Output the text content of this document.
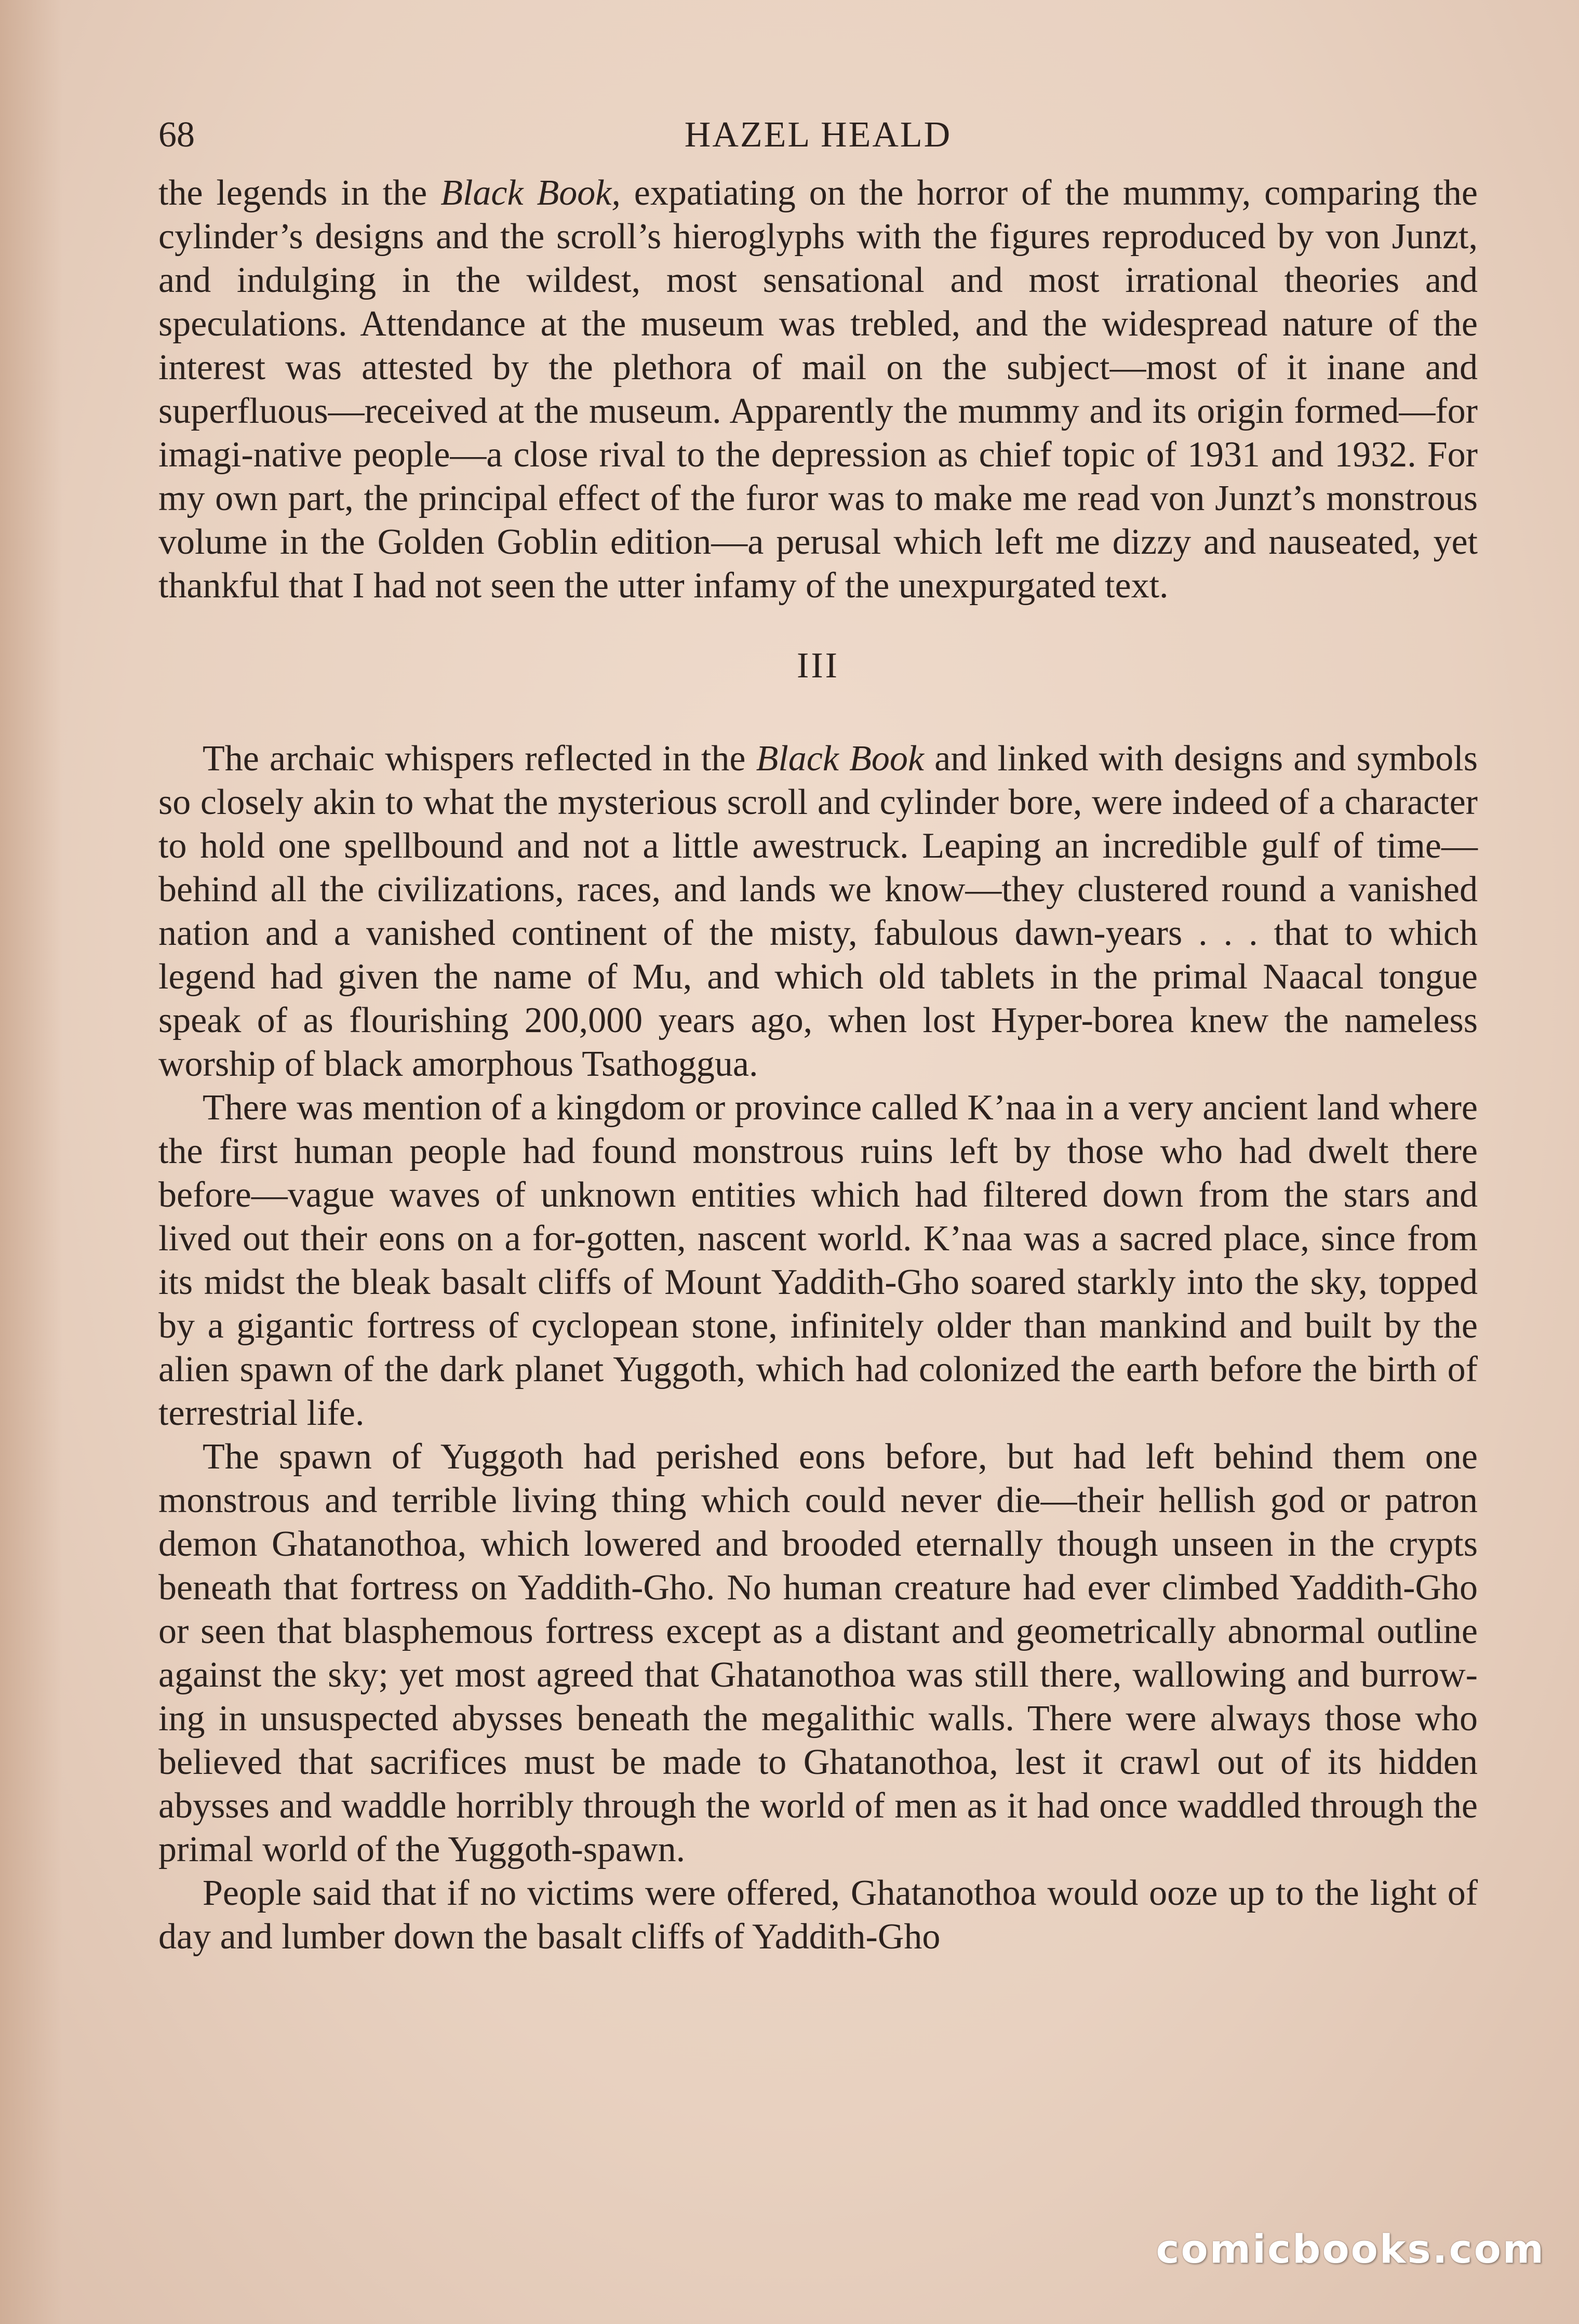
68	HAZEL HEALD

the legends in the Black Book, expatiating on the horror of the mummy, comparing the cylinder’s designs and the scroll’s hieroglyphs with the figures reproduced by von Junzt, and indulging in the wildest, most sensational and most irrational theories and speculations. Attendance at the museum was trebled, and the widespread nature of the interest was attested by the plethora of mail on the subject—most of it inane and superfluous—received at the museum. Apparently the mummy and its origin formed—for imagi-native people—a close rival to the depression as chief topic of 1931 and 1932. For my own part, the principal effect of the furor was to make me read von Junzt’s monstrous volume in the Golden Goblin edition—a perusal which left me dizzy and nauseated, yet thankful that I had not seen the utter infamy of the unexpurgated text.

III

The archaic whispers reflected in the Black Book and linked with designs and symbols so closely akin to what the mysterious scroll and cylinder bore, were indeed of a character to hold one spellbound and not a little awestruck. Leaping an incredible gulf of time—behind all the civilizations, races, and lands we know—they clustered round a vanished nation and a vanished continent of the misty, fabulous dawn-years . . . that to which legend had given the name of Mu, and which old tablets in the primal Naacal tongue speak of as flourishing 200,000 years ago, when lost Hyper-borea knew the nameless worship of black amorphous Tsathoggua.

There was mention of a kingdom or province called K’naa in a very ancient land where the first human people had found monstrous ruins left by those who had dwelt there before—vague waves of unknown entities which had filtered down from the stars and lived out their eons on a for-gotten, nascent world. K’naa was a sacred place, since from its midst the bleak basalt cliffs of Mount Yaddith-Gho soared starkly into the sky, topped by a gigantic fortress of cyclopean stone, infinitely older than mankind and built by the alien spawn of the dark planet Yuggoth, which had colonized the earth before the birth of terrestrial life.

The spawn of Yuggoth had perished eons before, but had left behind them one monstrous and terrible living thing which could never die—their hellish god or patron demon Ghatanothoa, which lowered and brooded eternally though unseen in the crypts beneath that fortress on Yaddith-Gho. No human creature had ever climbed Yaddith-Gho or seen that blasphemous fortress except as a distant and geometrically abnormal outline against the sky; yet most agreed that Ghatanothoa was still there, wallowing and burrow-ing in unsuspected abysses beneath the megalithic walls. There were always those who believed that sacrifices must be made to Ghatanothoa, lest it crawl out of its hidden abysses and waddle horribly through the world of men as it had once waddled through the primal world of the Yuggoth-spawn.

People said that if no victims were offered, Ghatanothoa would ooze up to the light of day and lumber down the basalt cliffs of Yaddith-Gho

comicbooks.com
